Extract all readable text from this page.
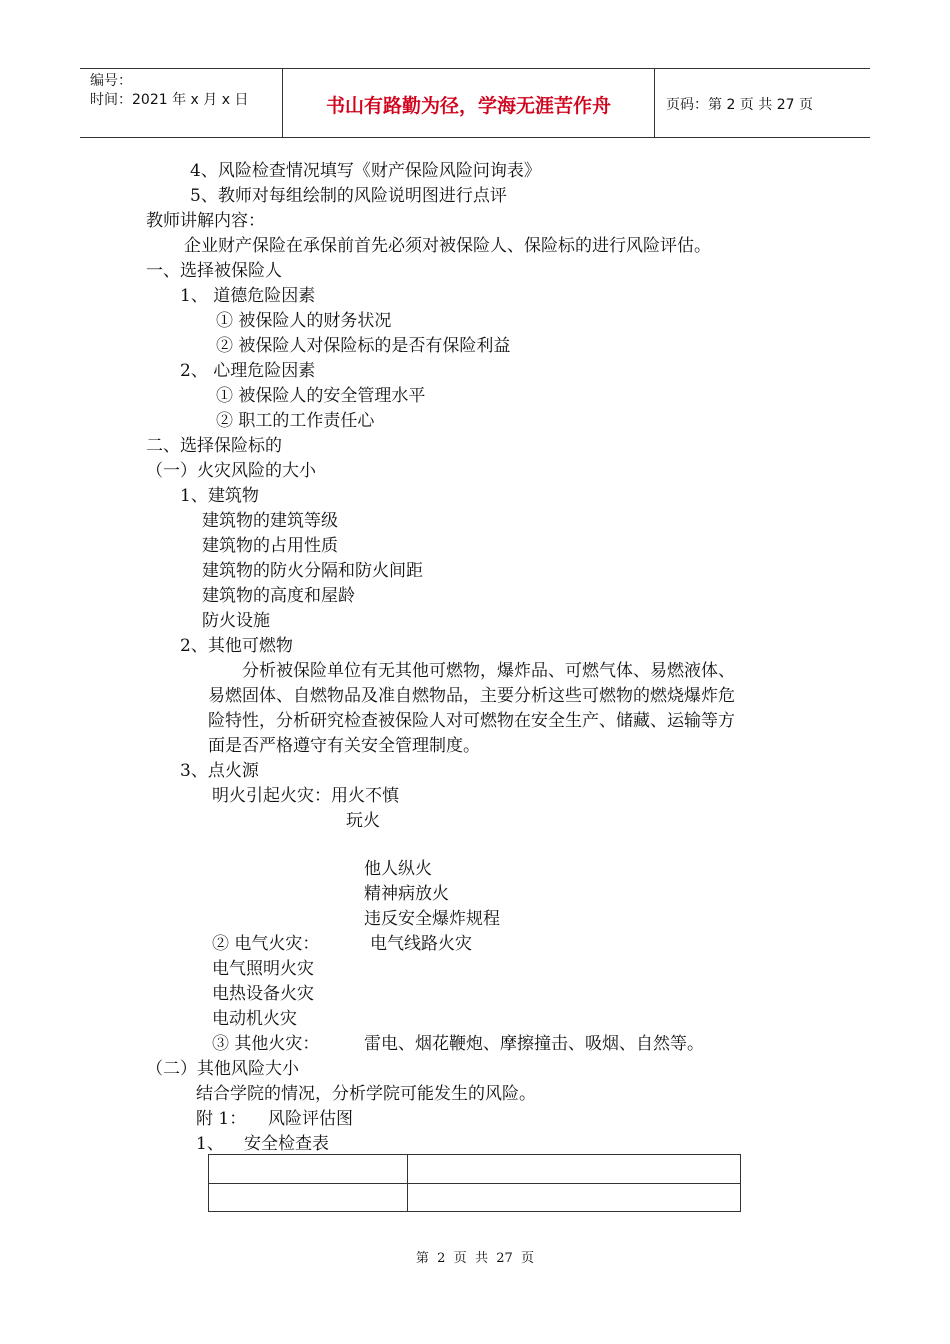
编号：
时间：2021 年 x 月 x 日	书山有路勤为径，学海无涯苦作舟	页码：第 2 页 共 27 页
4、风险检查情况填写《财产保险风险问询表》
5、教师对每组绘制的风险说明图进行点评
教师讲解内容：
企业财产保险在承保前首先必须对被保险人、保险标的进行风险评估。
一、选择被保险人
1、 道德危险因素
① 被保险人的财务状况
② 被保险人对保险标的是否有保险利益
2、 心理危险因素
① 被保险人的安全管理水平
② 职工的工作责任心
二、选择保险标的
（一）火灾风险的大小
1、建筑物
建筑物的建筑等级
建筑物的占用性质
建筑物的防火分隔和防火间距
建筑物的高度和屋龄
防火设施
2、其他可燃物
分析被保险单位有无其他可燃物，爆炸品、可燃气体、易燃液体、
易燃固体、自燃物品及准自燃物品，主要分析这些可燃物的燃烧爆炸危
险特性，分析研究检查被保险人对可燃物在安全生产、储藏、运输等方
面是否严格遵守有关安全管理制度。
3、点火源
明火引起火灾：用火不慎
玩火
他人纵火
精神病放火
违反安全爆炸规程
② 电气火灾：	电气线路火灾
电气照明火灾
电热设备火灾
电动机火灾
③ 其他火灾：	雷电、烟花鞭炮、摩擦撞击、吸烟、自然等。
（二）其他风险大小
结合学院的情况，分析学院可能发生的风险。
附 1： 风险评估图
1、 安全检查表
第  2  页  共  27  页
